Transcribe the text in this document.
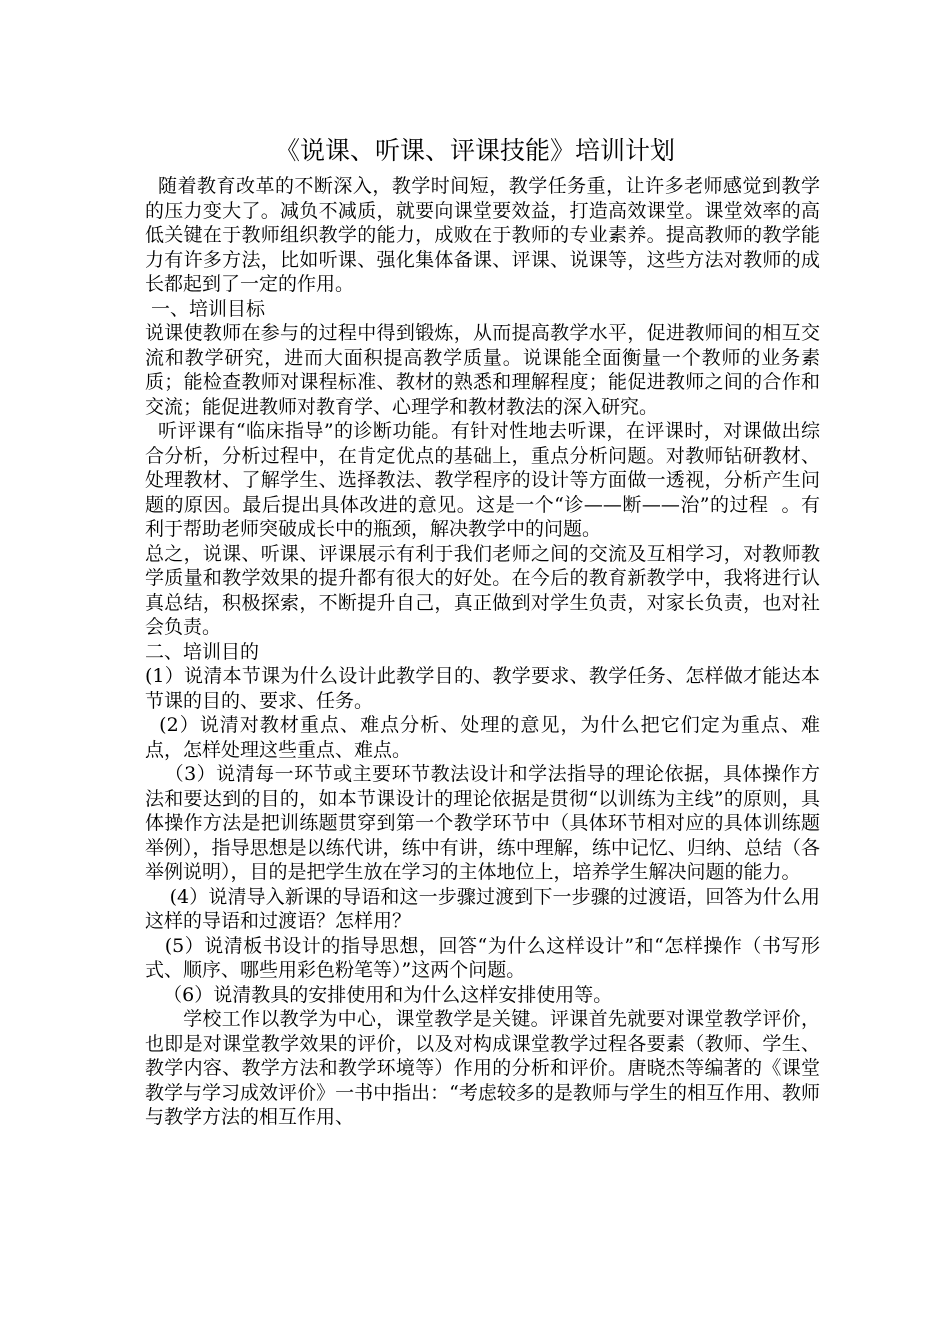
《说课、听课、评课技能》培训计划

随着教育改革的不断深入，教学时间短，教学任务重，让许多老师感觉到教学的压力变大了。减负不减质，就要向课堂要效益，打造高效课堂。课堂效率的高低关键在于教师组织教学的能力，成败在于教师的专业素养。提高教师的教学能力有许多方法，比如听课、强化集体备课、评课、说课等，这些方法对教师的成长都起到了一定的作用。

一、培训目标

说课使教师在参与的过程中得到锻炼，从而提高教学水平，促进教师间的相互交流和教学研究，进而大面积提高教学质量。说课能全面衡量一个教师的业务素质；能检查教师对课程标准、教材的熟悉和理解程度；能促进教师之间的合作和交流；能促进教师对教育学、心理学和教材教法的深入研究。

听评课有“临床指导”的诊断功能。有针对性地去听课，在评课时，对课做出综合分析，分析过程中，在肯定优点的基础上，重点分析问题。对教师钻研教材、处理教材、了解学生、选择教法、教学程序的设计等方面做一透视，分析产生问题的原因。最后提出具体改进的意见。这是一个“诊——断——治”的过程  。有利于帮助老师突破成长中的瓶颈，解决教学中的问题。

总之，说课、听课、评课展示有利于我们老师之间的交流及互相学习，对教师教学质量和教学效果的提升都有很大的好处。在今后的教育新教学中，我将进行认真总结，积极探索，不断提升自己，真正做到对学生负责，对家长负责，也对社会负责。

二、培训目的

(1）说清本节课为什么设计此教学目的、教学要求、教学任务、怎样做才能达本节课的目的、要求、任务。

(2）说清对教材重点、难点分析、处理的意见，为什么把它们定为重点、难点，怎样处理这些重点、难点。

（3）说清每一环节或主要环节教法设计和学法指导的理论依据，具体操作方法和要达到的目的，如本节课设计的理论依据是贯彻“以训练为主线”的原则，具体操作方法是把训练题贯穿到第一个教学环节中（具体环节相对应的具体训练题举例），指导思想是以练代讲，练中有讲，练中理解，练中记忆、归纳、总结（各举例说明），目的是把学生放在学习的主体地位上，培养学生解决问题的能力。

(4）说清导入新课的导语和这一步骤过渡到下一步骤的过渡语，回答为什么用这样的导语和过渡语？怎样用？

(5）说清板书设计的指导思想，回答“为什么这样设计”和“怎样操作（书写形式、顺序、哪些用彩色粉笔等）”这两个问题。

（6）说清教具的安排使用和为什么这样安排使用等。

学校工作以教学为中心，课堂教学是关键。评课首先就要对课堂教学评价，也即是对课堂教学效果的评价，以及对构成课堂教学过程各要素（教师、学生、教学内容、教学方法和教学环境等）作用的分析和评价。唐晓杰等编著的《课堂教学与学习成效评价》一书中指出：“考虑较多的是教师与学生的相互作用、教师与教学方法的相互作用、
